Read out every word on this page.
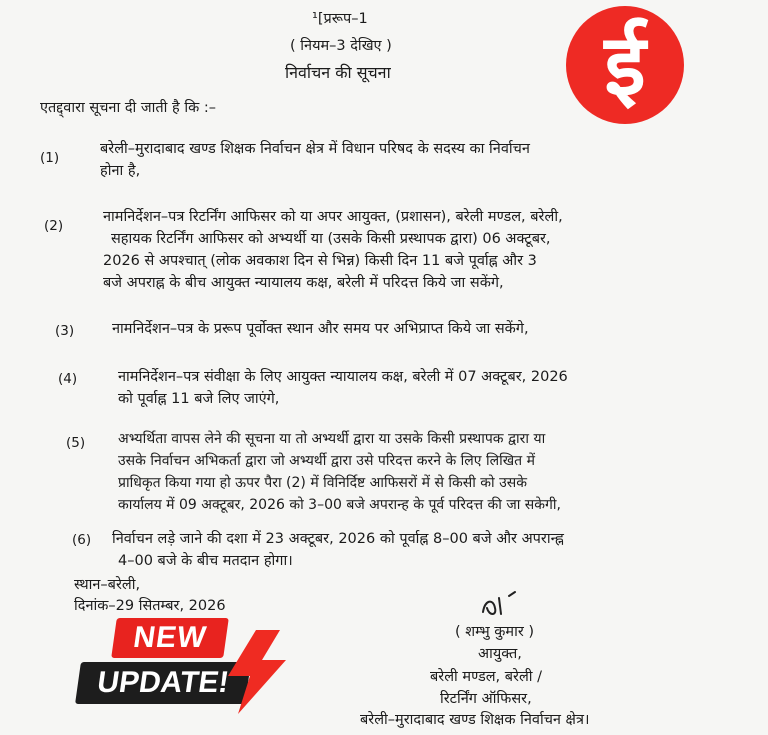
¹[प्ररूप–1
( नियम–3 देखिए )
निर्वाचन की सूचना	ई
एतद्द्वारा सूचना दी जाती है कि :–
(1)
बरेली–मुरादाबाद खण्ड शिक्षक निर्वाचन क्षेत्र में विधान परिषद के सदस्य का निर्वाचन
होना है,
(2)
नामनिर्देशन–पत्र रिटर्निंग आफिसर को या अपर आयुक्त, (प्रशासन), बरेली मण्डल, बरेली,
सहायक रिटर्निंग आफिसर को अभ्यर्थी या (उसके किसी प्रस्थापक द्वारा) 06 अक्टूबर,
2026 से अपश्चात् (लोक अवकाश दिन से भिन्न) किसी दिन 11 बजे पूर्वाह्न और 3
बजे अपराह्न के बीच आयुक्त न्यायालय कक्ष, बरेली में परिदत्त किये जा सकेंगे,
(3)	नामनिर्देशन–पत्र के प्ररूप पूर्वोक्त स्थान और समय पर अभिप्राप्त किये जा सकेंगे,
(4)	नामनिर्देशन–पत्र संवीक्षा के लिए आयुक्त न्यायालय कक्ष, बरेली में 07 अक्टूबर, 2026
को पूर्वाह्न 11 बजे लिए जाएंगे,
(5) अभ्यर्थिता वापस लेने की सूचना या तो अभ्यर्थी द्वारा या उसके किसी प्रस्थापक द्वारा या
उसके निर्वाचन अभिकर्ता द्वारा जो अभ्यर्थी द्वारा उसे परिदत्त करने के लिए लिखित में
प्राधिकृत किया गया हो ऊपर पैरा (2) में विनिर्दिष्ट आफिसरों में से किसी को उसके
कार्यालय में 09 अक्टूबर, 2026 को 3–00 बजे अपरान्ह के पूर्व परिदत्त की जा सकेगी,
(6) निर्वाचन लड़े जाने की दशा में 23 अक्टूबर, 2026 को पूर्वाह्न 8–00 बजे और अपरान्ह्न
4–00 बजे के बीच मतदान होगा।
स्थान–बरेली,
दिनांक–29 सितम्बर, 2026
( शम्भु कुमार )
आयुक्त,
बरेली मण्डल, बरेली /
रिटर्निंग ऑफिसर,
बरेली–मुरादाबाद खण्ड शिक्षक निर्वाचन क्षेत्र।
NEW
UPDATE!
